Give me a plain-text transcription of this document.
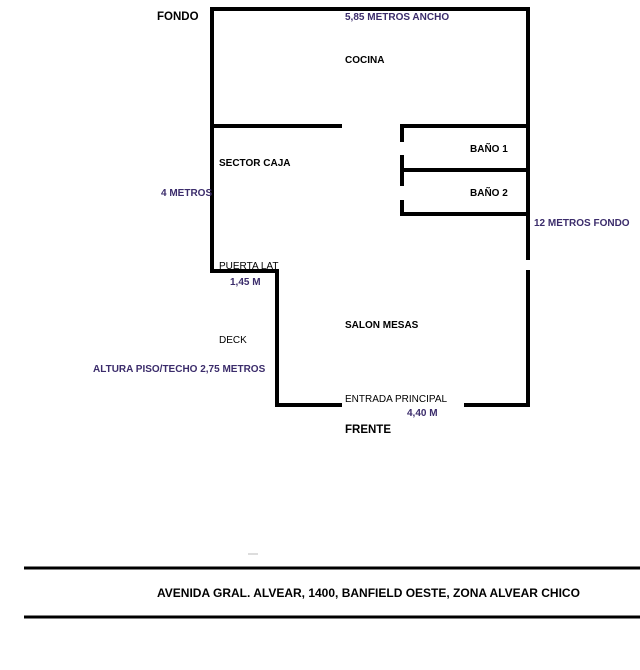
FONDO	5,85 METROS ANCHO
COCINA
SECTOR CAJA
BAÑO 1
BAÑO 2
4 METROS
12 METROS FONDO
PUERTA LAT
1,45 M
SALON MESAS
DECK
ALTURA PISO/TECHO 2,75 METROS
ENTRADA PRINCIPAL
4,40 M
FRENTE
AVENIDA GRAL. ALVEAR, 1400, BANFIELD OESTE, ZONA ALVEAR CHICO
